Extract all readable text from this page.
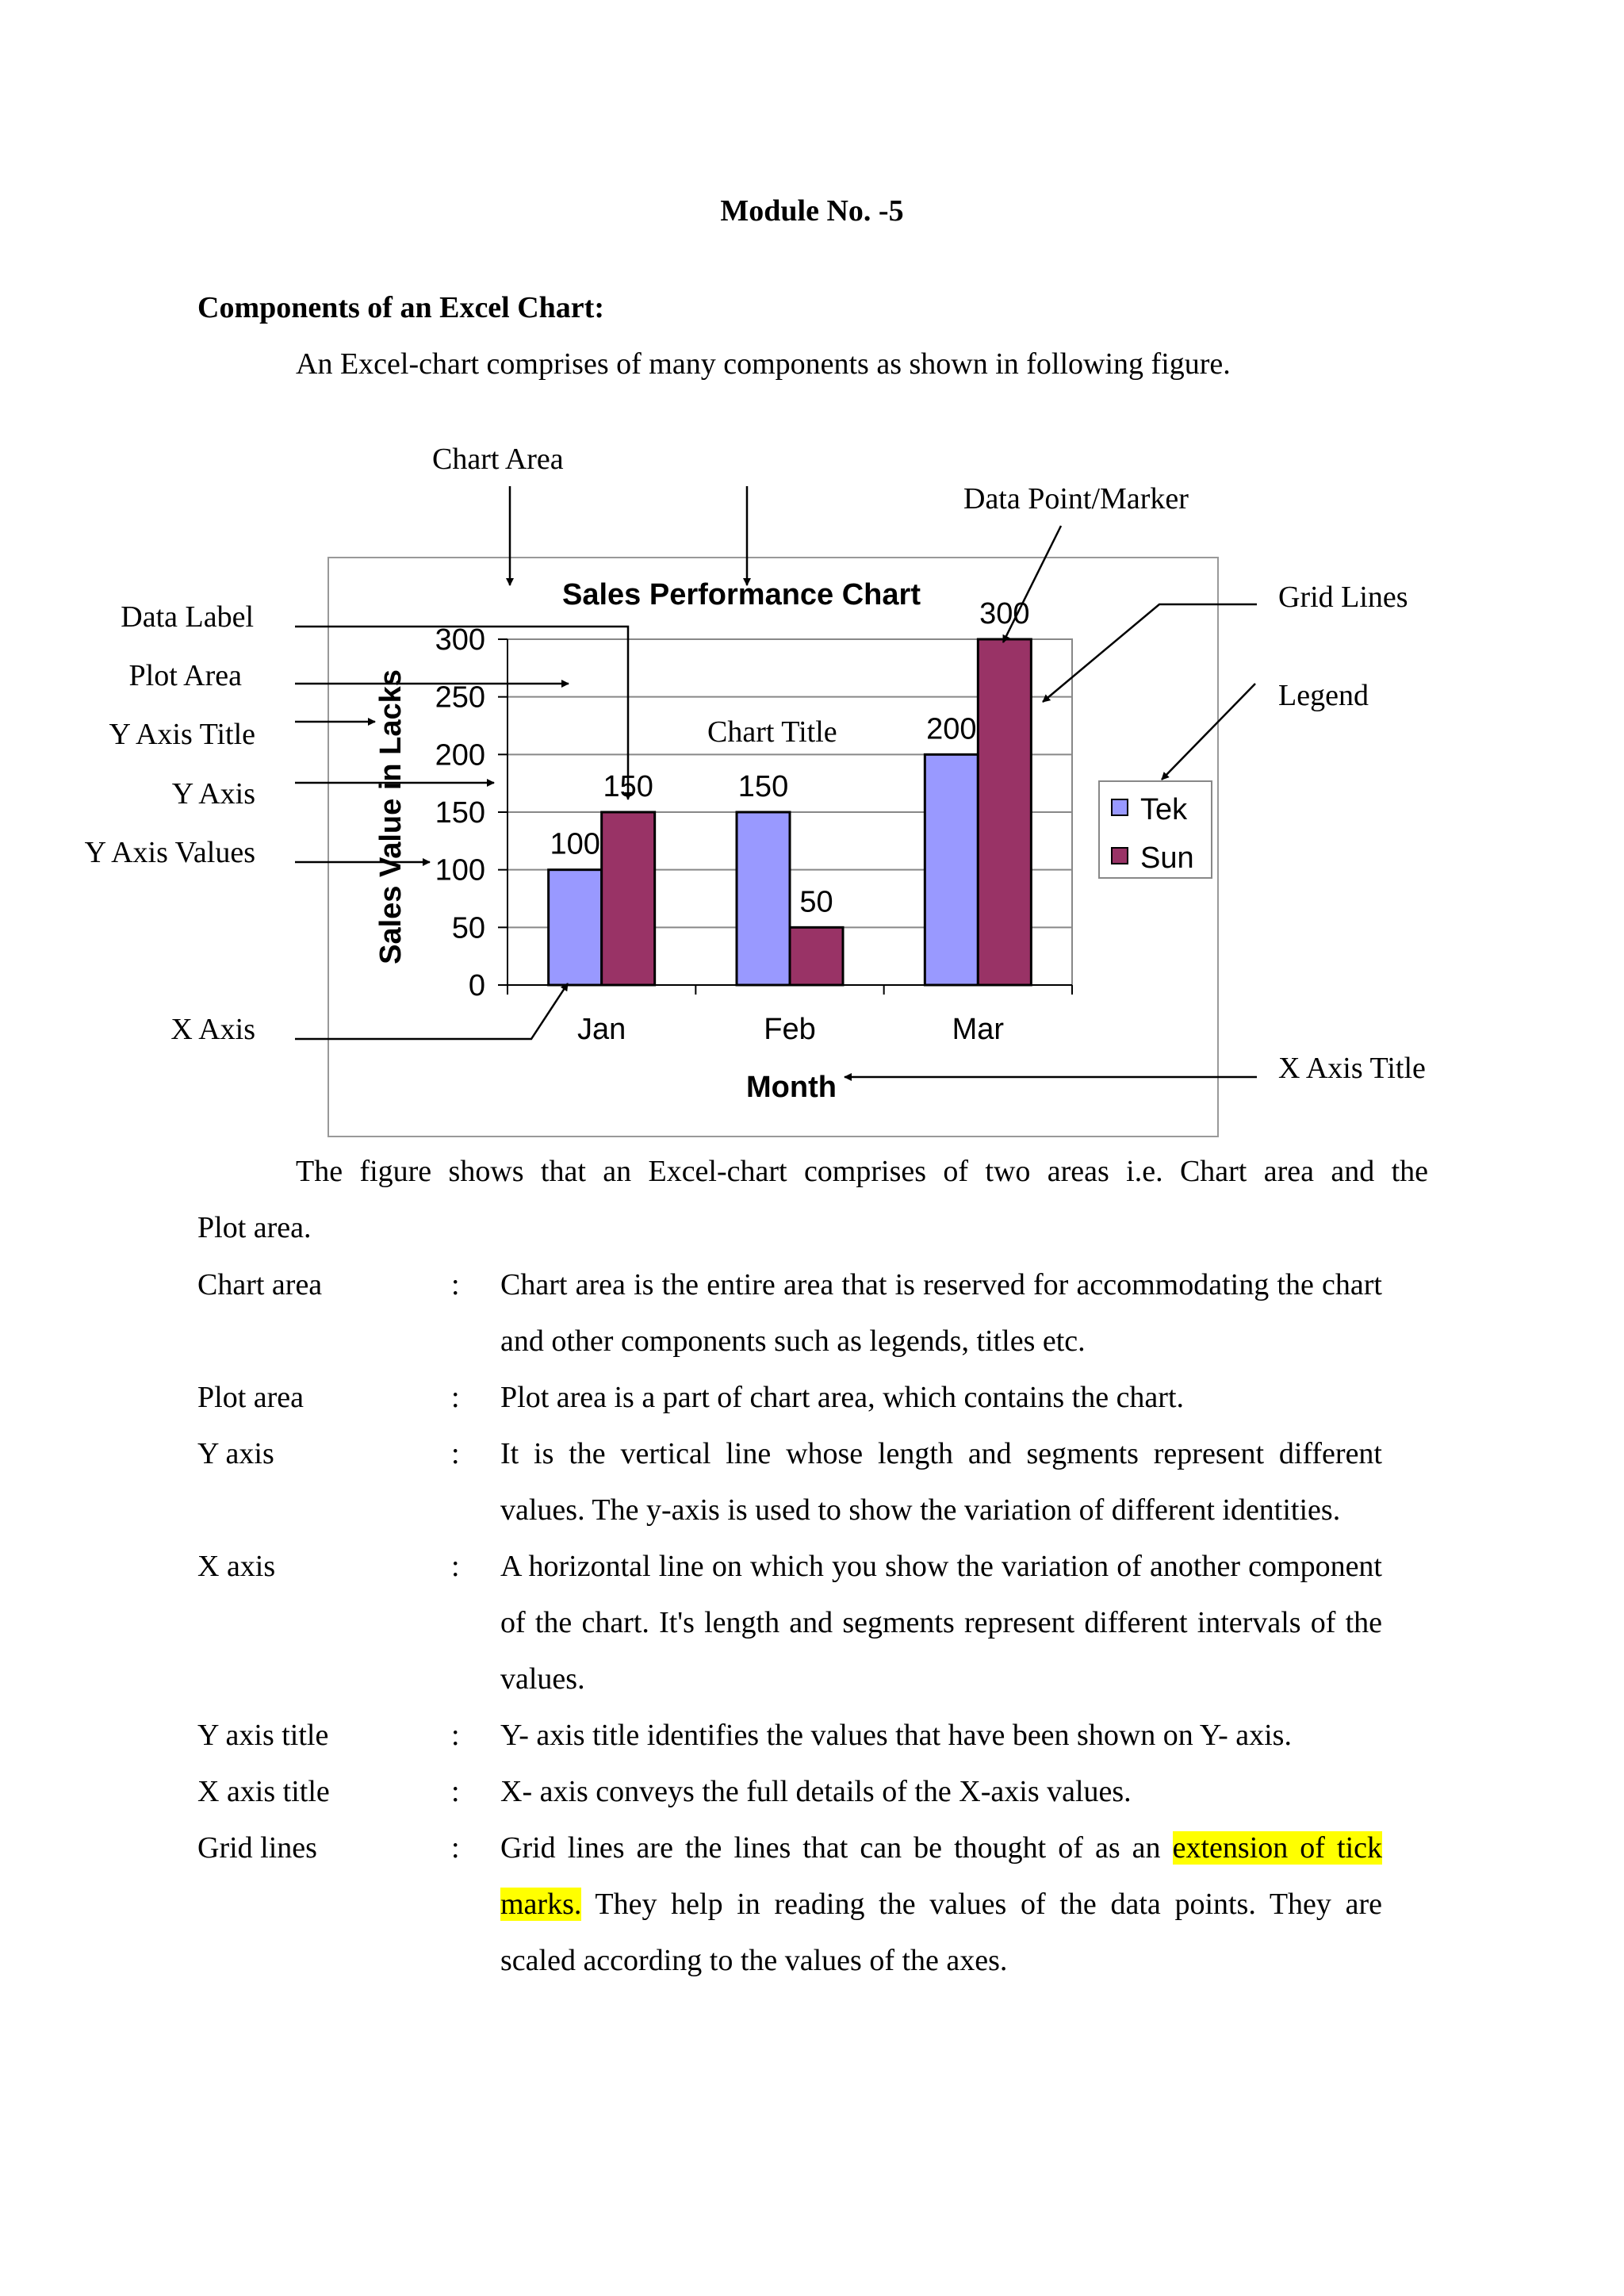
Module No. -5
Components of an Excel Chart:
An Excel-chart comprises of many components as shown in following figure.
0
50
100
150
200
250
300
Jan	Feb	Mar
100
150	150
50
200
300
Sales Performance Chart
Sales Value in Lacks
Month
Tek
Sun
Chart Area
Data Point/Marker
Data Label
Plot Area
Y Axis Title
Y Axis
Y Axis Values
X Axis
Grid Lines
Legend
X Axis Title
Chart Title
The figure shows that an Excel-chart comprises of two areas i.e. Chart area and the
Plot area.
Chart area	:	Chart area is the entire area that is reserved for accommodating the chart and other components such as legends, titles etc.
Plot area	:	Plot area is a part of chart area, which contains the chart.
Y axis	:	It is the vertical line whose length and segments represent different values. The y-axis is used to show the variation of different identities.
X axis	:	A horizontal line on which you show the variation of another component of the chart. It's length and segments represent different intervals of the values.
Y axis title	:	Y- axis title identifies the values that have been shown on Y- axis.
X axis title	:	X- axis conveys the full details of the X-axis values.
Grid lines	:	Grid lines are the lines that can be thought of as an extension of tick marks. They help in reading the values of the data points. They are scaled according to the values of the axes.
